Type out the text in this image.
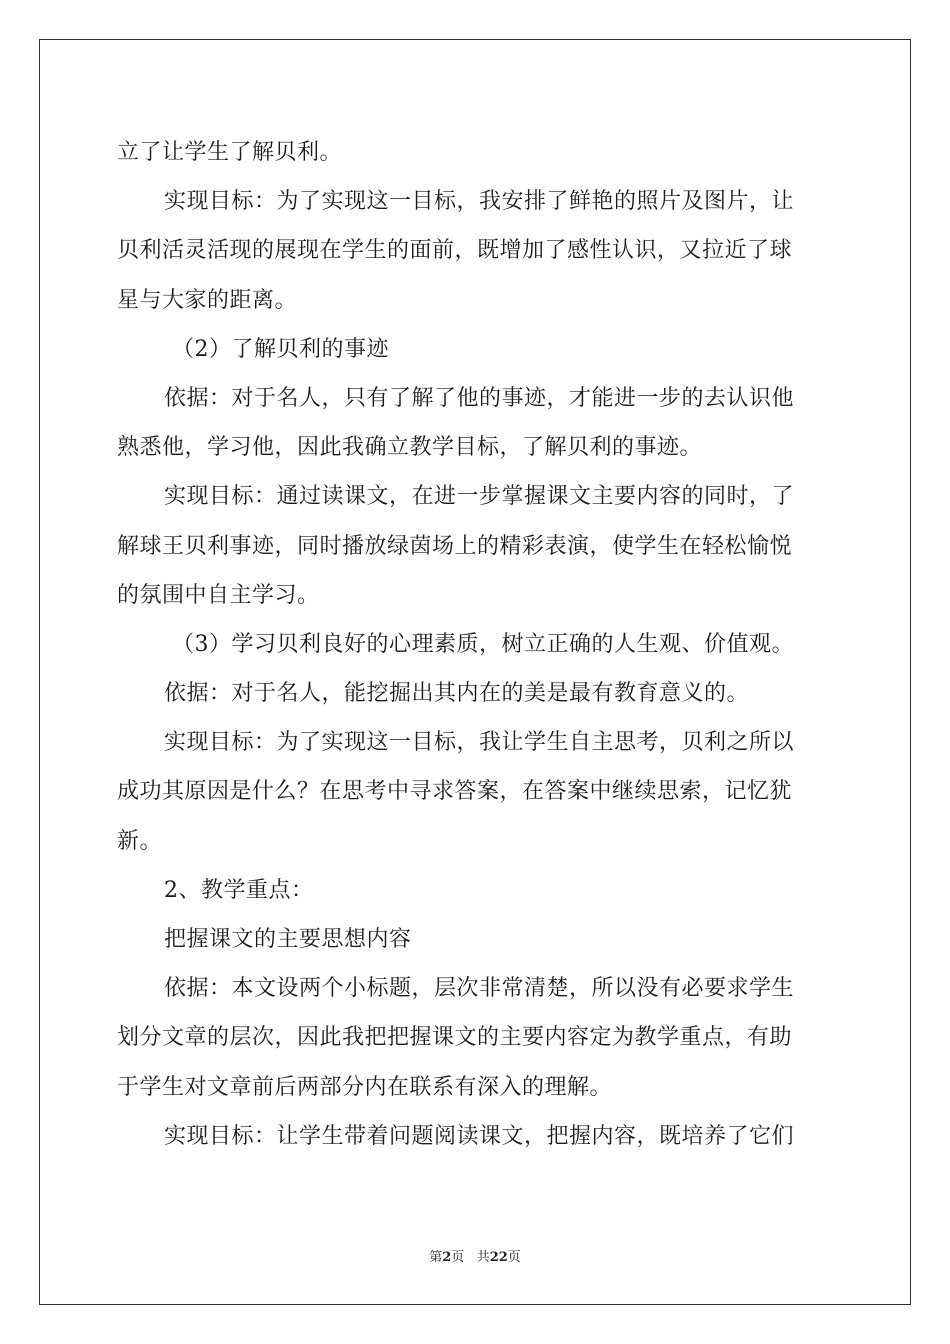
立了让学生了解贝利。
实现目标：为了实现这一目标，我安排了鲜艳的照片及图片，让
贝利活灵活现的展现在学生的面前，既增加了感性认识，又拉近了球
星与大家的距离。
（2）了解贝利的事迹
依据：对于名人，只有了解了他的事迹，才能进一步的去认识他
熟悉他，学习他，因此我确立教学目标，了解贝利的事迹。
实现目标：通过读课文，在进一步掌握课文主要内容的同时，了
解球王贝利事迹，同时播放绿茵场上的精彩表演，使学生在轻松愉悦
的氛围中自主学习。
（3）学习贝利良好的心理素质，树立正确的人生观、价值观。
依据：对于名人，能挖掘出其内在的美是最有教育意义的。
实现目标：为了实现这一目标，我让学生自主思考，贝利之所以
成功其原因是什么？在思考中寻求答案，在答案中继续思索，记忆犹
新。
2、教学重点：
把握课文的主要思想内容
依据：本文设两个小标题，层次非常清楚，所以没有必要求学生
划分文章的层次，因此我把把握课文的主要内容定为教学重点，有助
于学生对文章前后两部分内在联系有深入的理解。
实现目标：让学生带着问题阅读课文，把握内容，既培养了它们
第2页 共22页
